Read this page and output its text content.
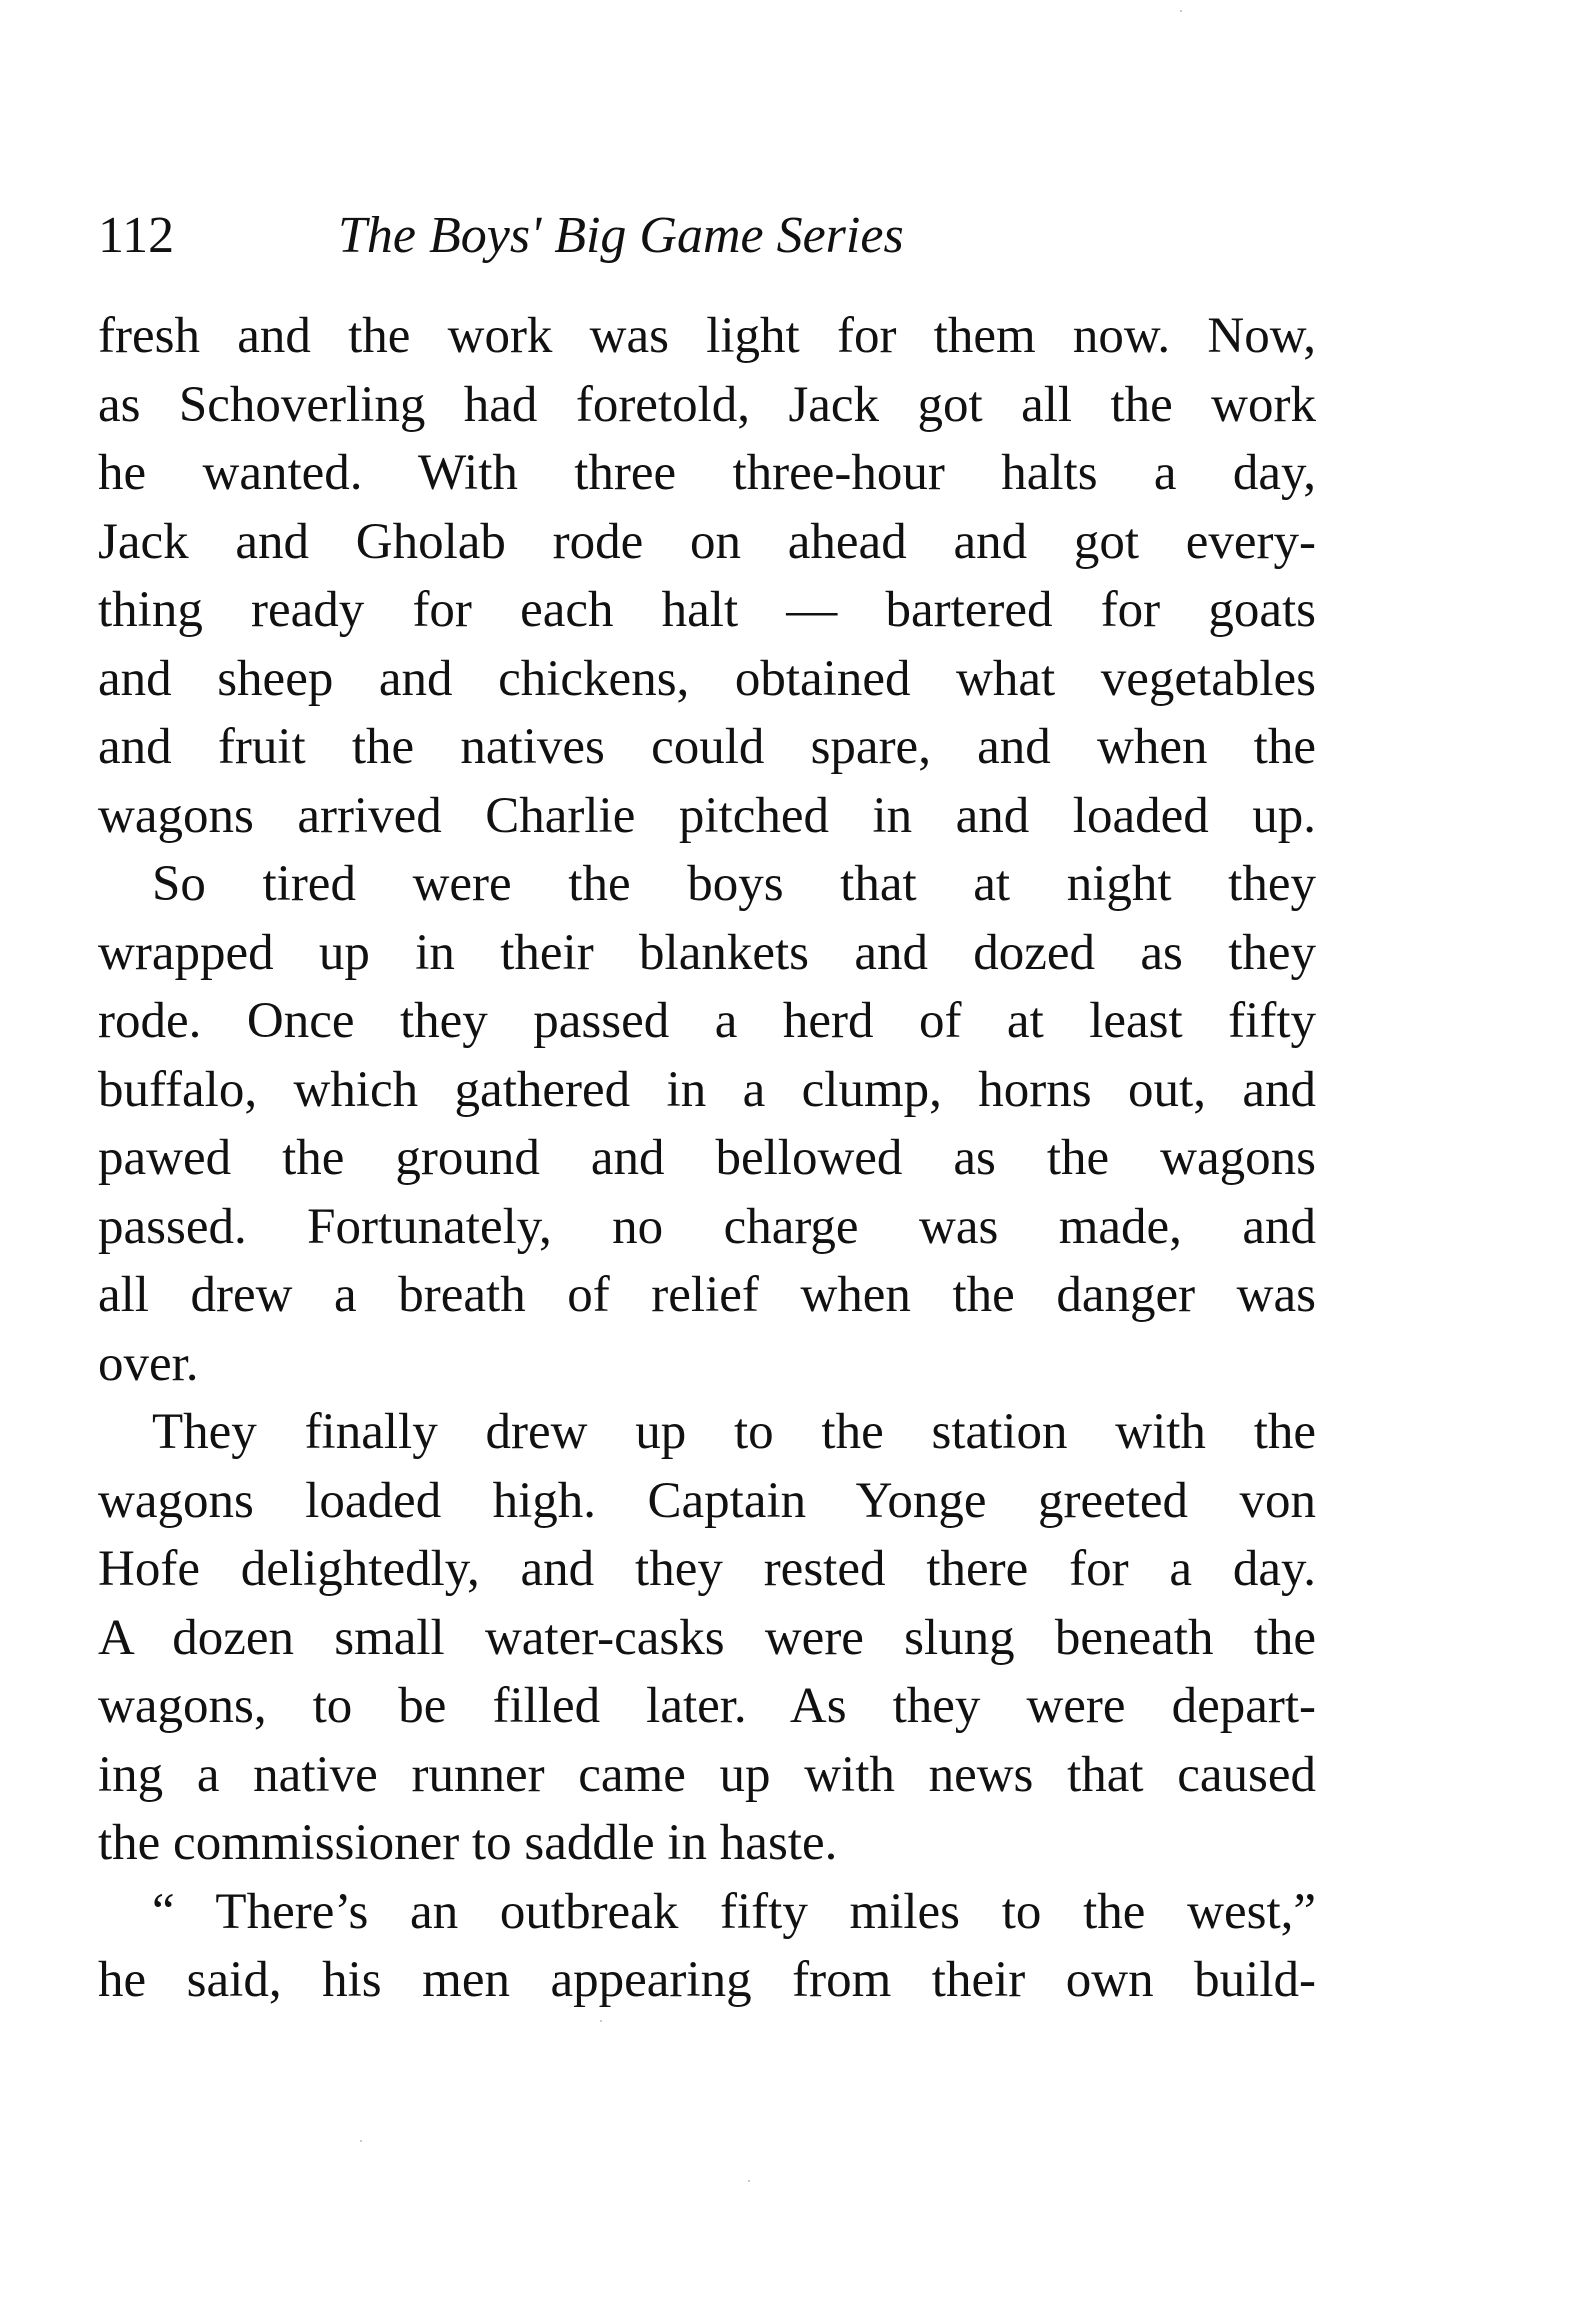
112	The Boys' Big Game Series
fresh and the work was light for them now. Now,
as Schoverling had foretold, Jack got all the work
he wanted. With three three-hour halts a day,
Jack and Gholab rode on ahead and got every-
thing ready for each halt — bartered for goats
and sheep and chickens, obtained what vegetables
and fruit the natives could spare, and when the
wagons arrived Charlie pitched in and loaded up.
So tired were the boys that at night they
wrapped up in their blankets and dozed as they
rode. Once they passed a herd of at least fifty
buffalo, which gathered in a clump, horns out, and
pawed the ground and bellowed as the wagons
passed. Fortunately, no charge was made, and
all drew a breath of relief when the danger was
over.
They finally drew up to the station with the
wagons loaded high. Captain Yonge greeted von
Hofe delightedly, and they rested there for a day.
A dozen small water-casks were slung beneath the
wagons, to be filled later. As they were depart-
ing a native runner came up with news that caused
the commissioner to saddle in haste.
“ There’s an outbreak fifty miles to the west,”
he said, his men appearing from their own build-
